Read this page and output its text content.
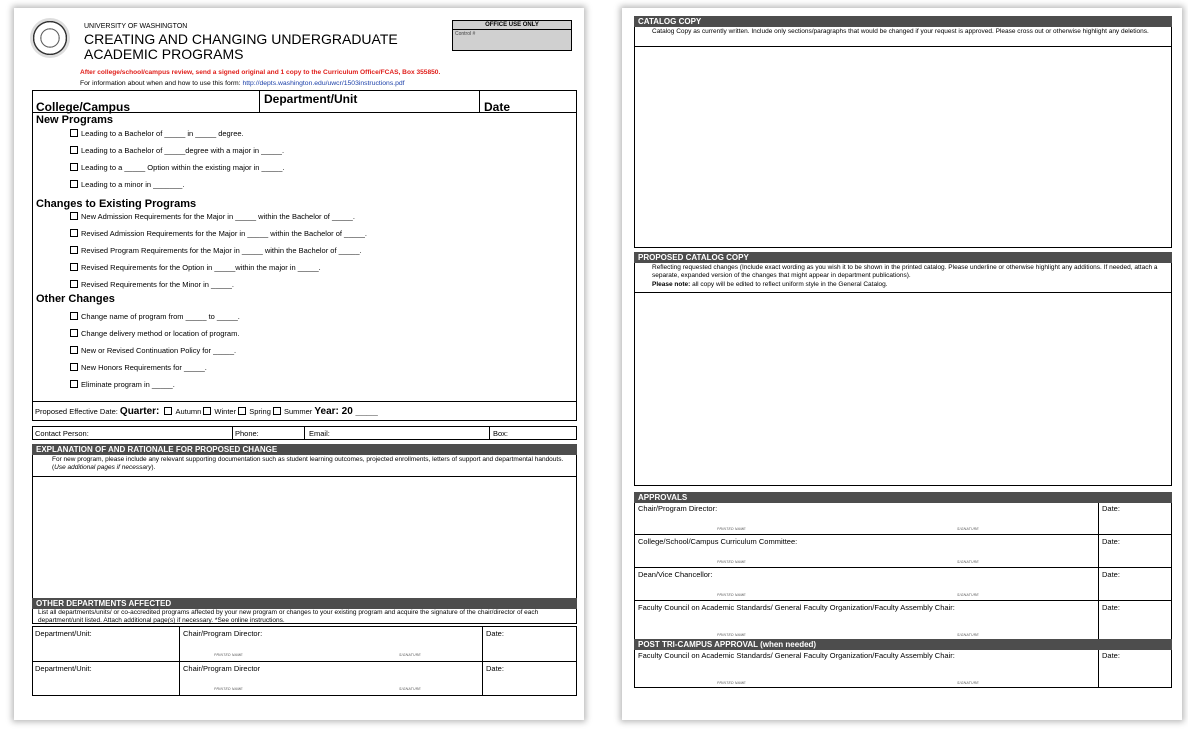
UNIVERSITY OF WASHINGTON
CREATING AND CHANGING UNDERGRADUATE
ACADEMIC PROGRAMS
OFFICE USE ONLY
Control #
After college/school/campus review, send a signed original and 1 copy to the Curriculum Office/FCAS, Box 355850.
For information about when and how to use this form: http://depts.washington.edu/uwcr/1503instructions.pdf
College/Campus
Department/Unit
Date
New Programs
Leading to a Bachelor of _____ in _____ degree.
Leading to a Bachelor of _____degree with a major in _____.
Leading to a _____ Option within the existing major in _____.
Leading to a minor in _______.
Changes to Existing Programs
New Admission Requirements for the Major in _____ within the Bachelor of _____.
Revised Admission Requirements for the Major in _____ within the Bachelor of _____.
Revised Program Requirements for the Major in _____ within the Bachelor of _____.
Revised Requirements for the Option in _____within the major in _____.
Revised Requirements for the Minor in _____.
Other Changes
Change name of program from _____ to _____.
Change delivery method or location of program.
New or Revised Continuation Policy for _____.
New Honors Requirements for _____.
Eliminate program in _____.
Proposed Effective Date: Quarter: Autumn Winter Spring Summer Year: 20 ____
Contact Person:	Phone:	Email:	Box:
EXPLANATION OF AND RATIONALE FOR PROPOSED CHANGE
For new program, please include any relevant supporting documentation such as student learning outcomes, projected enrollments, letters of support and departmental handouts. (Use additional pages if necessary).
OTHER DEPARTMENTS AFFECTED
List all departments/units/ or co-accredited programs affected by your new program or changes to your existing program and acquire the signature of the chair/director of each department/unit listed. Attach additional page(s) if necessary. *See online instructions.
Department/Unit:	Chair/Program Director:	Date:
PRINTED NAME	SIGNATURE
Department/Unit:	Chair/Program Director	Date:
PRINTED NAME	SIGNATURE
CATALOG COPY
Catalog Copy as currently written. Include only sections/paragraphs that would be changed if your request is approved. Please cross out or otherwise highlight any deletions.
PROPOSED CATALOG COPY
Reflecting requested changes (Include exact wording as you wish it to be shown in the printed catalog. Please underline or otherwise highlight any additions. If needed, attach a separate, expanded version of the changes that might appear in department publications).
Please note: all copy will be edited to reflect uniform style in the General Catalog.
APPROVALS
Chair/Program Director:	Date:
PRINTED NAME	SIGNATURE
College/School/Campus Curriculum Committee:	Date:
PRINTED NAME	SIGNATURE
Dean/Vice Chancellor:	Date:
PRINTED NAME	SIGNATURE
Faculty Council on Academic Standards/ General Faculty Organization/Faculty Assembly Chair:	Date:
PRINTED NAME	SIGNATURE
POST TRI-CAMPUS APPROVAL (when needed)
Faculty Council on Academic Standards/ General Faculty Organization/Faculty Assembly Chair:	Date:
PRINTED NAME	SIGNATURE
